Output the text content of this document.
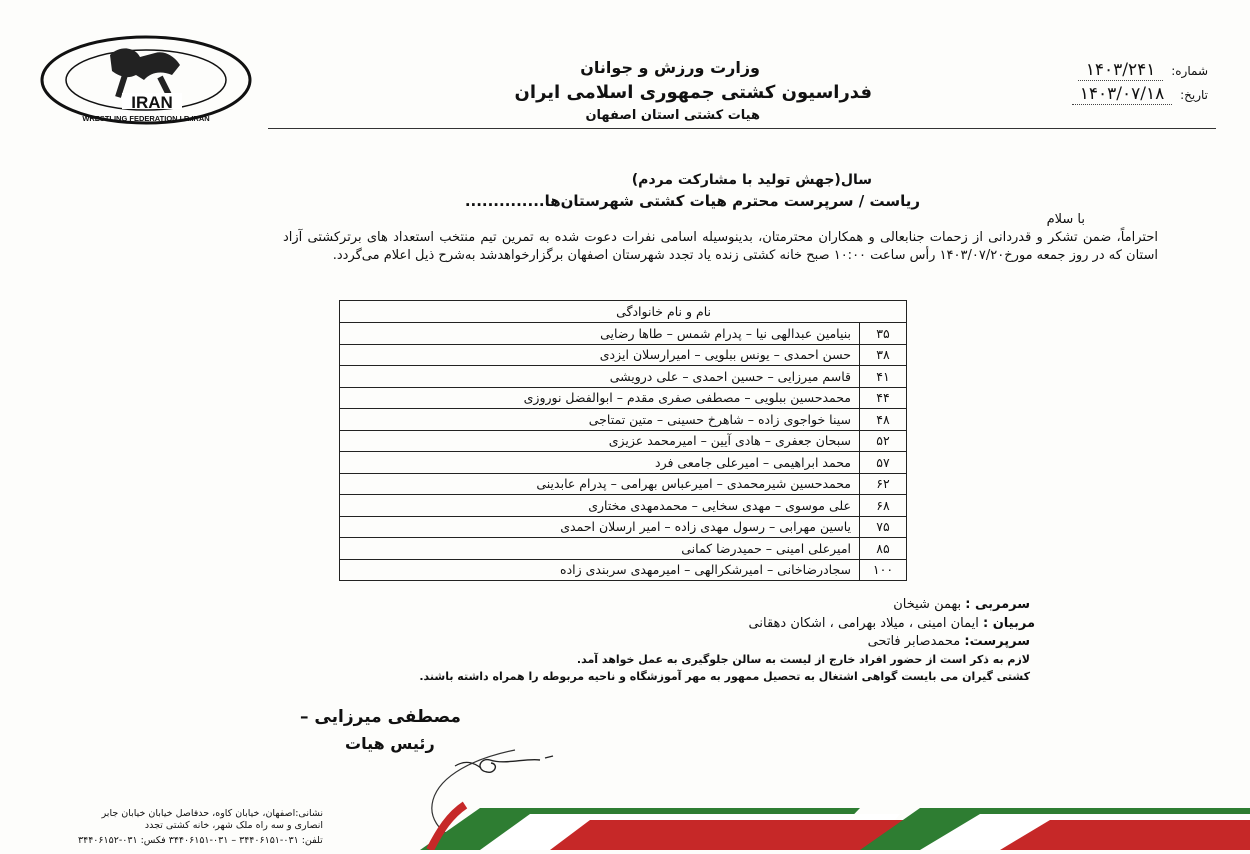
IRAN
WRESTLING FEDERATION I.R.IRAN
وزارت ورزش و جوانان
فدراسیون کشتی جمهوری اسلامی ایران
هیات کشتی استان اصفهان
شماره: ۱۴۰۳/۲۴۱
تاریخ: ۱۴۰۳/۰۷/۱۸
سال(جهش تولید با مشارکت مردم)
ریاست / سرپرست محترم هیات کشتی شهرستان‌ها..............
با سلام
احتراماً، ضمن تشکر و قدردانی از زحمات جنابعالی و همکاران محترمتان، بدینوسیله اسامی نفرات دعوت شده به تمرین تیم منتخب استعداد های برترکشتی آزاد استان که در روز جمعه مورخ۱۴۰۳/۰۷/۲۰ رأس ساعت ۱۰:۰۰ صبح خانه کشتی زنده یاد تجدد شهرستان اصفهان برگزارخواهدشد به‌شرح ذیل اعلام می‌گردد.
نام و نام خانوادگی	
۳۵	بنیامین عبدالهی نیا – پدرام شمس – طاها رضایی
۳۸	حسن احمدی – یونس ببلویی – امیرارسلان ایزدی
۴۱	قاسم میرزایی – حسین احمدی – علی درویشی
۴۴	محمدحسین ببلویی – مصطفی صفری مقدم – ابوالفضل نوروزی
۴۸	سینا خواجوی زاده – شاهرخ حسینی – متین تمتاجی
۵۲	سبحان جعفری – هادی آیین – امیرمحمد عزیزی
۵۷	محمد ابراهیمی – امیرعلی جامعی فرد
۶۲	محمدحسین شیرمحمدی – امیرعباس بهرامی – پدرام عابدینی
۶۸	علی موسوی – مهدی سخایی – محمدمهدی مختاری
۷۵	یاسین مهرابی – رسول مهدی زاده – امیر ارسلان احمدی
۸۵	امیرعلی امینی – حمیدرضا کمانی
۱۰۰	سجادرضاخانی – امیرشکرالهی – امیرمهدی سربندی زاده
سرمربی : بهمن شیخان
مربیان : ایمان امینی ، میلاد بهرامی ، اشکان دهقانی
سرپرست: محمدصابر فاتحی
لازم به ذکر است از حضور افراد خارج از لیست به سالن جلوگیری به عمل خواهد آمد.
کشتی گیران می بایست گواهی اشتغال به تحصیل ممهور به مهر آموزشگاه و ناحیه مربوطه را همراه داشته باشند.
مصطفی میرزایی –
رئیس هیات
نشانی:اصفهان، خیابان کاوه، حدفاصل خیابان خیابان جابر انصاری و سه راه ملک شهر، خانه کشتی تجدد
تلفن: ۰۳۱-۳۴۴۰۶۱۵۱ – ۰۳۱-۳۴۴۰۶۱۵۱ فکس: ۰۳۱-۳۴۴۰۶۱۵۲
